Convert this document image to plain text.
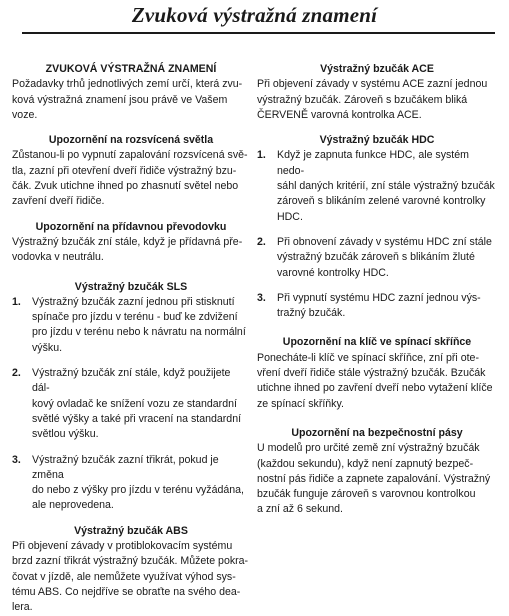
Zvuková výstražná znamení

ZVUKOVÁ VÝSTRAŽNÁ ZNAMENÍ

Požadavky trhů jednotlivých zemí určí, která zvu-

ková výstražná znamení jsou právě ve Vašem

voze.

Upozornění na rozsvícená světla

Zůstanou-li po vypnutí zapalování rozsvícená svě-

tla, zazní při otevření dveří řidiče výstražný bzu-

čák. Zvuk utichne ihned po zhasnutí světel nebo

zavření dveří řidiče.

Upozornění na přídavnou převodovku

Výstražný bzučák zní stále, když je přídavná pře-

vodovka v neutrálu.

Výstražný bzučák SLS

1.	Výstražný bzučák zazní jednou při stisknutí

spínače pro jízdu v terénu - buď ke zdvižení

pro jízdu v terénu nebo k návratu na normální

výšku.

2.	Výstražný bzučák zní stále, když použijete dál-

kový ovladač ke snížení vozu ze standardní

světlé výšky a také při vracení na standardní

světlou výšku.

3.	Výstražný bzučák zazní třikrát, pokud je změna

do nebo z výšky pro jízdu v terénu vyžádána,

ale neprovedena.

Výstražný bzučák ABS

Při objevení závady v protiblokovacím systému

brzd zazní třikrát výstražný bzučák. Můžete pokra-

čovat v jízdě, ale nemůžete využívat výhod sys-

tému ABS. Co nejdříve se obraťte na svého dea-

lera.

Výstražný bzučák ACE

Při objevení závady v systému ACE zazní jednou

výstražný bzučák. Zároveň s bzučákem bliká

ČERVENĚ varovná kontrolka ACE.

Výstražný bzučák HDC

1.	Když je zapnuta funkce HDC, ale systém nedo-

sáhl daných kritérií, zní stále výstražný bzučák

zároveň s blikáním zelené varovné kontrolky

HDC.

2.	Při obnovení závady v systému HDC zní stále

výstražný bzučák zároveň s blikáním žluté

varovné kontrolky HDC.

3.	Při vypnutí systému HDC zazní jednou výs-

tražný bzučák.

Upozornění na klíč ve spínací skříňce

Ponecháte-li klíč ve spínací skříňce, zní při ote-

vření dveří řidiče stále výstražný bzučák. Bzučák

utichne ihned po zavření dveří nebo vytažení klíče

ze spínací skříňky.

Upozornění na bezpečnostní pásy

U modelů pro určité země zní výstražný bzučák

(každou sekundu), když není zapnutý bezpeč-

nostní pás řidiče a zapnete zapalování. Výstražný

bzučák funguje zároveň s varovnou kontrolkou

a zní až 6 sekund.
